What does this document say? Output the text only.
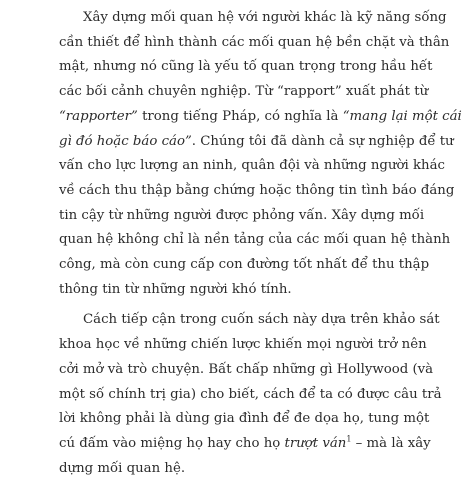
Xây dựng mối quan hệ với người khác là kỹ năng sống
cần thiết để hình thành các mối quan hệ bền chặt và thân
mật, nhưng nó cũng là yếu tố quan trọng trong hầu hết
các bối cảnh chuyên nghiệp. Từ “rapport” xuất phát từ
“rapporter” trong tiếng Pháp, có nghĩa là “mang lại một cái
gì đó hoặc báo cáo”. Chúng tôi đã dành cả sự nghiệp để tư
vấn cho lực lượng an ninh, quân đội và những người khác
về cách thu thập bằng chứng hoặc thông tin tình báo đáng
tin cậy từ những người được phỏng vấn. Xây dựng mối
quan hệ không chỉ là nền tảng của các mối quan hệ thành
công, mà còn cung cấp con đường tốt nhất để thu thập
thông tin từ những người khó tính.
Cách tiếp cận trong cuốn sách này dựa trên khảo sát
khoa học về những chiến lược khiến mọi người trở nên
cởi mở và trò chuyện. Bất chấp những gì Hollywood (và
một số chính trị gia) cho biết, cách để ta có được câu trả
lời không phải là dùng gia đình để đe dọa họ, tung một
cú đấm vào miệng họ hay cho họ trượt ván$^1$ – mà là xây
dựng mối quan hệ.
